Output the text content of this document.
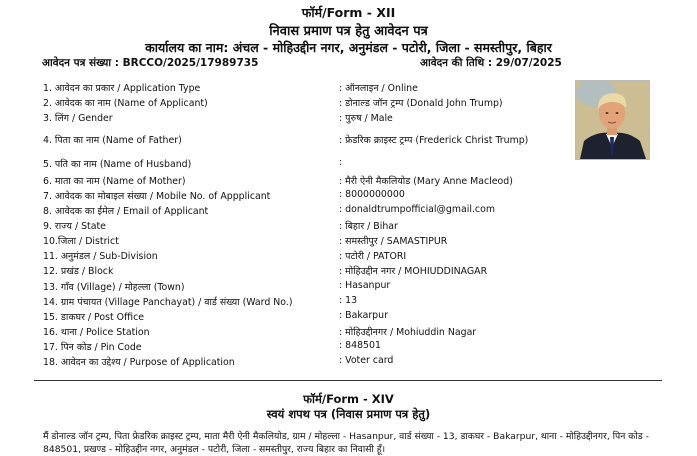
फॉर्म/Form - XII
निवास प्रमाण पत्र हेतु आवेदन पत्र
कार्यालय का नाम: अंचल - मोहिउद्दीन नगर, अनुमंडल - पटोरी, जिला - समस्तीपुर, बिहार
आवेदन पत्र संख्या : BRCCO/2025/17989735	आवेदन की तिथि : 29/07/2025
1. आवेदन का प्रकार / Application Type	: ऑनलाइन / Online
2. आवेदक का नाम (Name of Applicant)	: डोनाल्ड जॉन ट्रम्प (Donald John Trump)
3. लिंग / Gender	: पुरुष / Male
4. पिता का नाम (Name of Father)	: फ्रेडरिक क्राइस्ट ट्रम्प (Frederick Christ Trump)
5. पति का नाम (Name of Husband)	:
6. माता का नाम (Name of Mother)	: मैरी ऐनी मैकलियोड (Mary Anne Macleod)
7. आवेदक का मोबाइल संख्या / Mobile No. of Appplicant	: 8000000000
8. आवेदक का ईमेल / Email of Applicant	: donaldtrumpofficial@gmail.com
9. राज्य / State	: बिहार / Bihar
10.जिला / District	: समस्तीपुर / SAMASTIPUR
11. अनुमंडल / Sub-Division	: पटोरी / PATORI
12. प्रखंड / Block	: मोहिउद्दीन नगर / MOHIUDDINAGAR
13. गाँव (Village) / मोहल्ला (Town)	: Hasanpur
14. ग्राम पंचायत (Village Panchayat) / वार्ड संख्या (Ward No.)	: 13
15. डाकघर / Post Office	: Bakarpur
16. थाना / Police Station	: मोहिउद्दीनगर / Mohiuddin Nagar
17. पिन कोड / Pin Code	: 848501
18. आवेदन का उद्देश्य / Purpose of Application	: Voter card
फॉर्म/Form - XIV
स्वयं शपथ पत्र (निवास प्रमाण पत्र हेतु)
मैं डोनाल्ड जॉन ट्रम्प, पिता फ्रेडरिक क्राइस्ट ट्रम्प, माता मैरी ऐनी मैकलियोड, ग्राम / मोहल्ला - Hasanpur, वार्ड संख्या - 13, डाकघर - Bakarpur, थाना - मोहिउद्दीनगर, पिन कोड - 848501, प्रखण्ड - मोहिउद्दीन नगर, अनुमंडल - पटोरी, जिला - समस्तीपुर, राज्य बिहार का निवासी हूँ।
